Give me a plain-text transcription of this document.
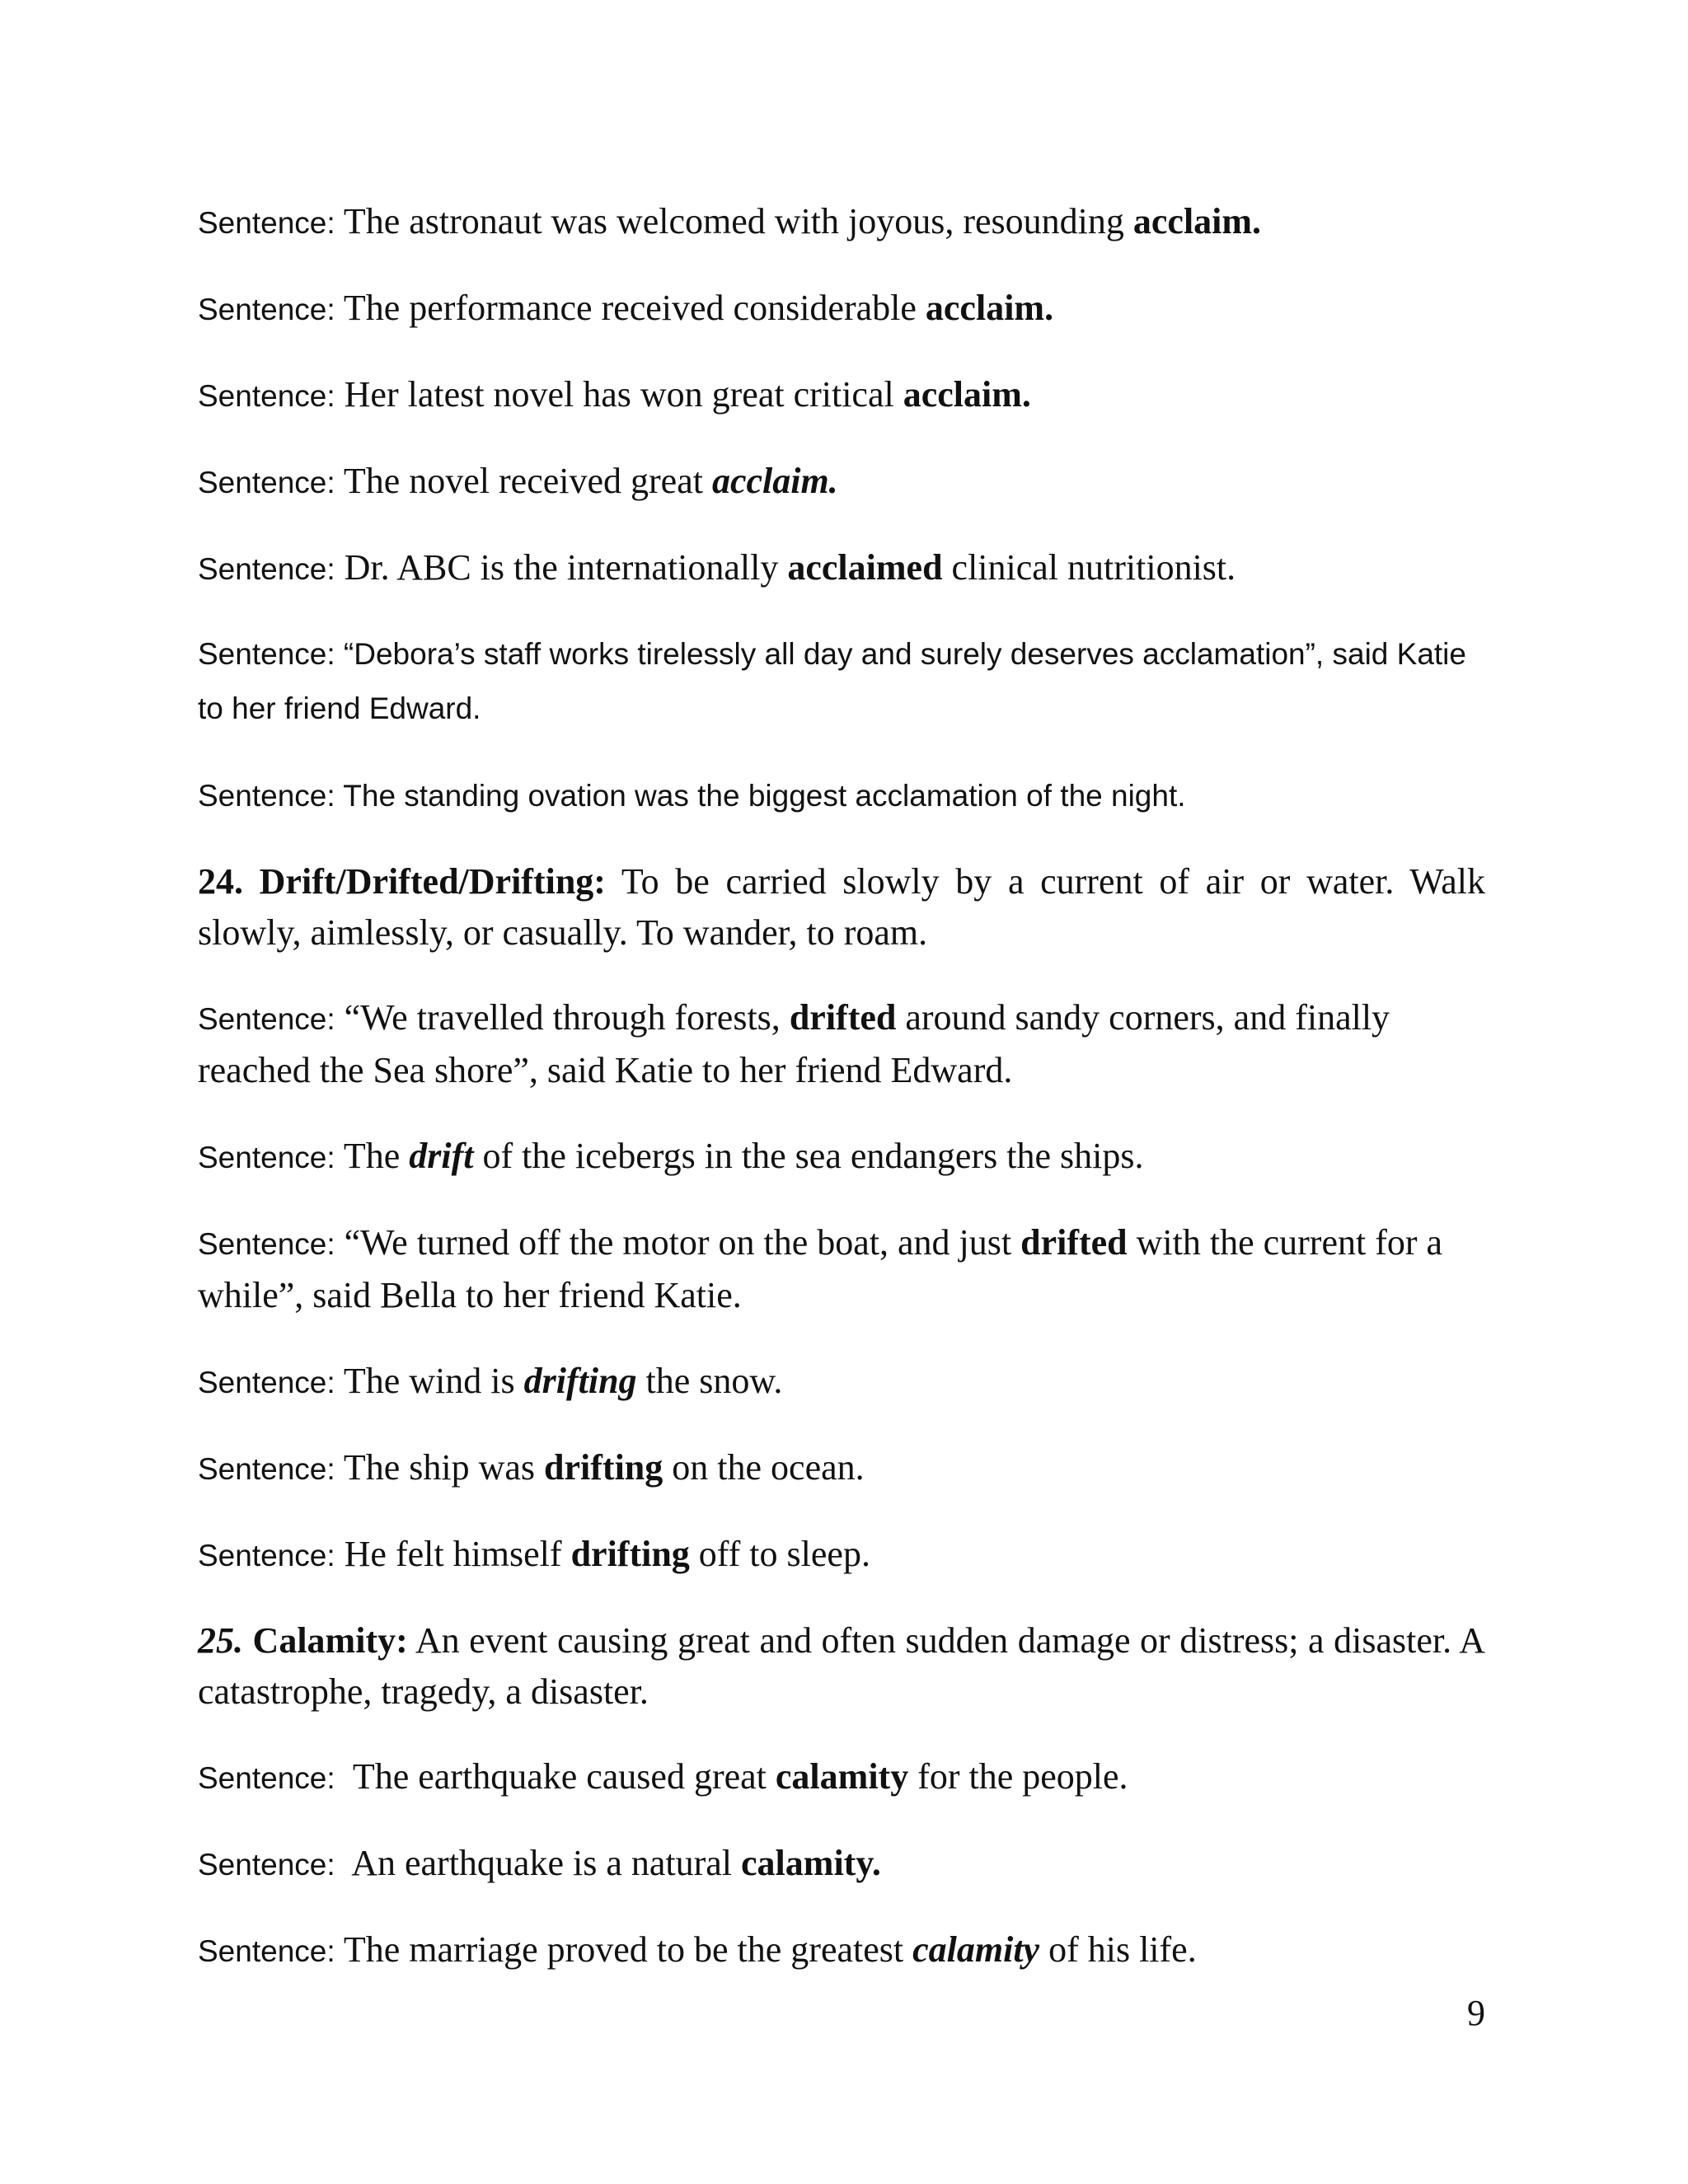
Sentence: The astronaut was welcomed with joyous, resounding acclaim.

Sentence: The performance received considerable acclaim.

Sentence: Her latest novel has won great critical acclaim.

Sentence: The novel received great acclaim.

Sentence: Dr. ABC is the internationally acclaimed clinical nutritionist.

Sentence: “Debora’s staff works tirelessly all day and surely deserves acclamation”, said Katie to her friend Edward.

Sentence: The standing ovation was the biggest acclamation of the night.

24. Drift/Drifted/Drifting: To be carried slowly by a current of air or water. Walk slowly, aimlessly, or casually. To wander, to roam.

Sentence: “We travelled through forests, drifted around sandy corners, and finally reached the Sea shore”, said Katie to her friend Edward.

Sentence: The drift of the icebergs in the sea endangers the ships.

Sentence: “We turned off the motor on the boat, and just drifted with the current for a while”, said Bella to her friend Katie.

Sentence: The wind is drifting the snow.

Sentence: The ship was drifting on the ocean.

Sentence: He felt himself drifting off to sleep.

25. Calamity: An event causing great and often sudden damage or distress; a disaster. A catastrophe, tragedy, a disaster.

Sentence:  The earthquake caused great calamity for the people.

Sentence:  An earthquake is a natural calamity.

Sentence: The marriage proved to be the greatest calamity of his life.

9
